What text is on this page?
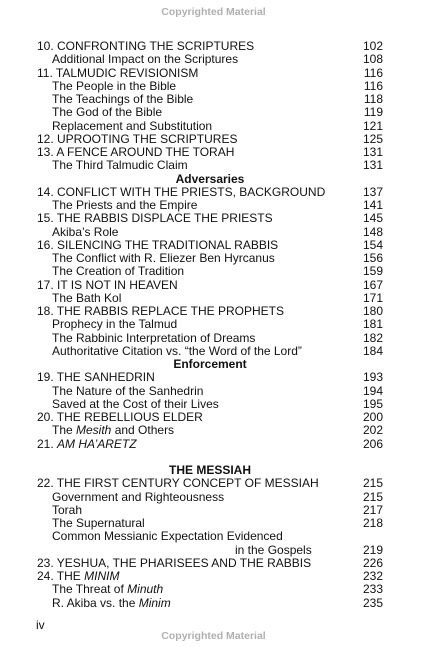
Copyrighted Material
10. CONFRONTING THE SCRIPTURES	102
Additional Impact on the Scriptures	108
11. TALMUDIC REVISIONISM	116
The People in the Bible	116
The Teachings of the Bible	118
The God of the Bible	119
Replacement and Substitution	121
12. UPROOTING THE SCRIPTURES	125
13. A FENCE AROUND THE TORAH	131
The Third Talmudic Claim	131
Adversaries
14. CONFLICT WITH THE PRIESTS, BACKGROUND	137
The Priests and the Empire	141
15. THE RABBIS DISPLACE THE PRIESTS	145
Akiba’s Role	148
16. SILENCING THE TRADITIONAL RABBIS	154
The Conflict with R. Eliezer Ben Hyrcanus	156
The Creation of Tradition	159
17. IT IS NOT IN HEAVEN	167
The Bath Kol	171
18. THE RABBIS REPLACE THE PROPHETS	180
Prophecy in the Talmud	181
The Rabbinic Interpretation of Dreams	182
Authoritative Citation vs. “the Word of the Lord”	184
Enforcement
19. THE SANHEDRIN	193
The Nature of the Sanhedrin	194
Saved at the Cost of their Lives	195
20. THE REBELLIOUS ELDER	200
The Mesith and Others	202
21. AM HA’ARETZ	206
THE MESSIAH
22. THE FIRST CENTURY CONCEPT OF MESSIAH	215
Government and Righteousness	215
Torah	217
The Supernatural	218
Common Messianic Expectation Evidenced
in the Gospels	219
23. YESHUA, THE PHARISEES AND THE RABBIS	226
24. THE MINIM	232
The Threat of Minuth	233
R. Akiba vs. the Minim	235
iv
Copyrighted Material
